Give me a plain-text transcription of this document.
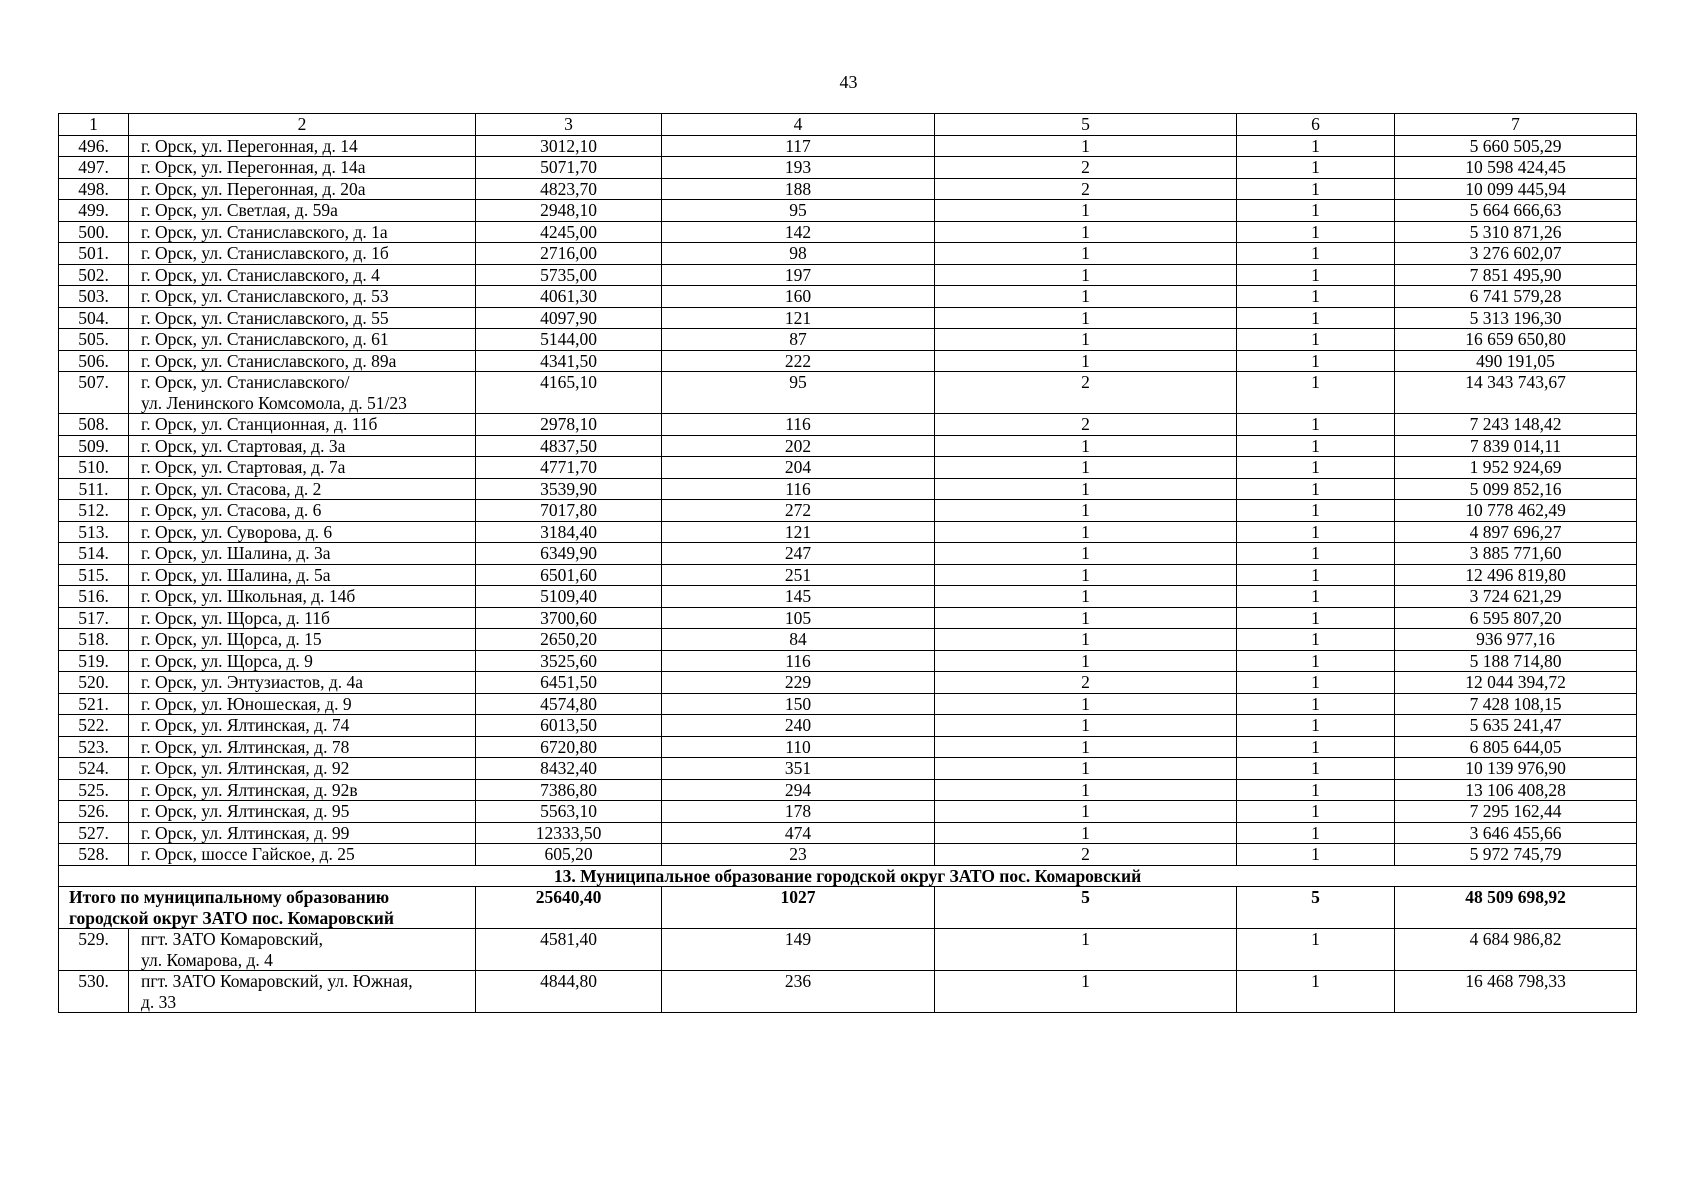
43
1	2	3	4	5	6	7
496.	г. Орск, ул. Перегонная, д. 14	3012,10	117	1	1	5 660 505,29
497.	г. Орск, ул. Перегонная, д. 14а	5071,70	193	2	1	10 598 424,45
498.	г. Орск, ул. Перегонная, д. 20а	4823,70	188	2	1	10 099 445,94
499.	г. Орск, ул. Светлая, д. 59а	2948,10	95	1	1	5 664 666,63
500.	г. Орск, ул. Станиславского, д. 1а	4245,00	142	1	1	5 310 871,26
501.	г. Орск, ул. Станиславского, д. 1б	2716,00	98	1	1	3 276 602,07
502.	г. Орск, ул. Станиславского, д. 4	5735,00	197	1	1	7 851 495,90
503.	г. Орск, ул. Станиславского, д. 53	4061,30	160	1	1	6 741 579,28
504.	г. Орск, ул. Станиславского, д. 55	4097,90	121	1	1	5 313 196,30
505.	г. Орск, ул. Станиславского, д. 61	5144,00	87	1	1	16 659 650,80
506.	г. Орск, ул. Станиславского, д. 89а	4341,50	222	1	1	490 191,05
507.	г. Орск, ул. Станиславского/
ул. Ленинского Комсомола, д. 51/23	4165,10	95	2	1	14 343 743,67
508.	г. Орск, ул. Станционная, д. 11б	2978,10	116	2	1	7 243 148,42
509.	г. Орск, ул. Стартовая, д. 3а	4837,50	202	1	1	7 839 014,11
510.	г. Орск, ул. Стартовая, д. 7а	4771,70	204	1	1	1 952 924,69
511.	г. Орск, ул. Стасова, д. 2	3539,90	116	1	1	5 099 852,16
512.	г. Орск, ул. Стасова, д. 6	7017,80	272	1	1	10 778 462,49
513.	г. Орск, ул. Суворова, д. 6	3184,40	121	1	1	4 897 696,27
514.	г. Орск, ул. Шалина, д. 3а	6349,90	247	1	1	3 885 771,60
515.	г. Орск, ул. Шалина, д. 5а	6501,60	251	1	1	12 496 819,80
516.	г. Орск, ул. Школьная, д. 14б	5109,40	145	1	1	3 724 621,29
517.	г. Орск, ул. Щорса, д. 11б	3700,60	105	1	1	6 595 807,20
518.	г. Орск, ул. Щорса, д. 15	2650,20	84	1	1	936 977,16
519.	г. Орск, ул. Щорса, д. 9	3525,60	116	1	1	5 188 714,80
520.	г. Орск, ул. Энтузиастов, д. 4а	6451,50	229	2	1	12 044 394,72
521.	г. Орск, ул. Юношеская, д. 9	4574,80	150	1	1	7 428 108,15
522.	г. Орск, ул. Ялтинская, д. 74	6013,50	240	1	1	5 635 241,47
523.	г. Орск, ул. Ялтинская, д. 78	6720,80	110	1	1	6 805 644,05
524.	г. Орск, ул. Ялтинская, д. 92	8432,40	351	1	1	10 139 976,90
525.	г. Орск, ул. Ялтинская, д. 92в	7386,80	294	1	1	13 106 408,28
526.	г. Орск, ул. Ялтинская, д. 95	5563,10	178	1	1	7 295 162,44
527.	г. Орск, ул. Ялтинская, д. 99	12333,50	474	1	1	3 646 455,66
528.	г. Орск, шоссе Гайское, д. 25	605,20	23	2	1	5 972 745,79
13. Муниципальное образование городской округ ЗАТО пос. Комаровский						

Итого по муниципальному образованию
городской округ ЗАТО пос. Комаровский		25640,40	1027	5	5	48 509 698,92
529.	пгт. ЗАТО Комаровский,
ул. Комарова, д. 4	4581,40	149	1	1	4 684 986,82
530.	пгт. ЗАТО Комаровский, ул. Южная,
д. 33	4844,80	236	1	1	16 468 798,33
